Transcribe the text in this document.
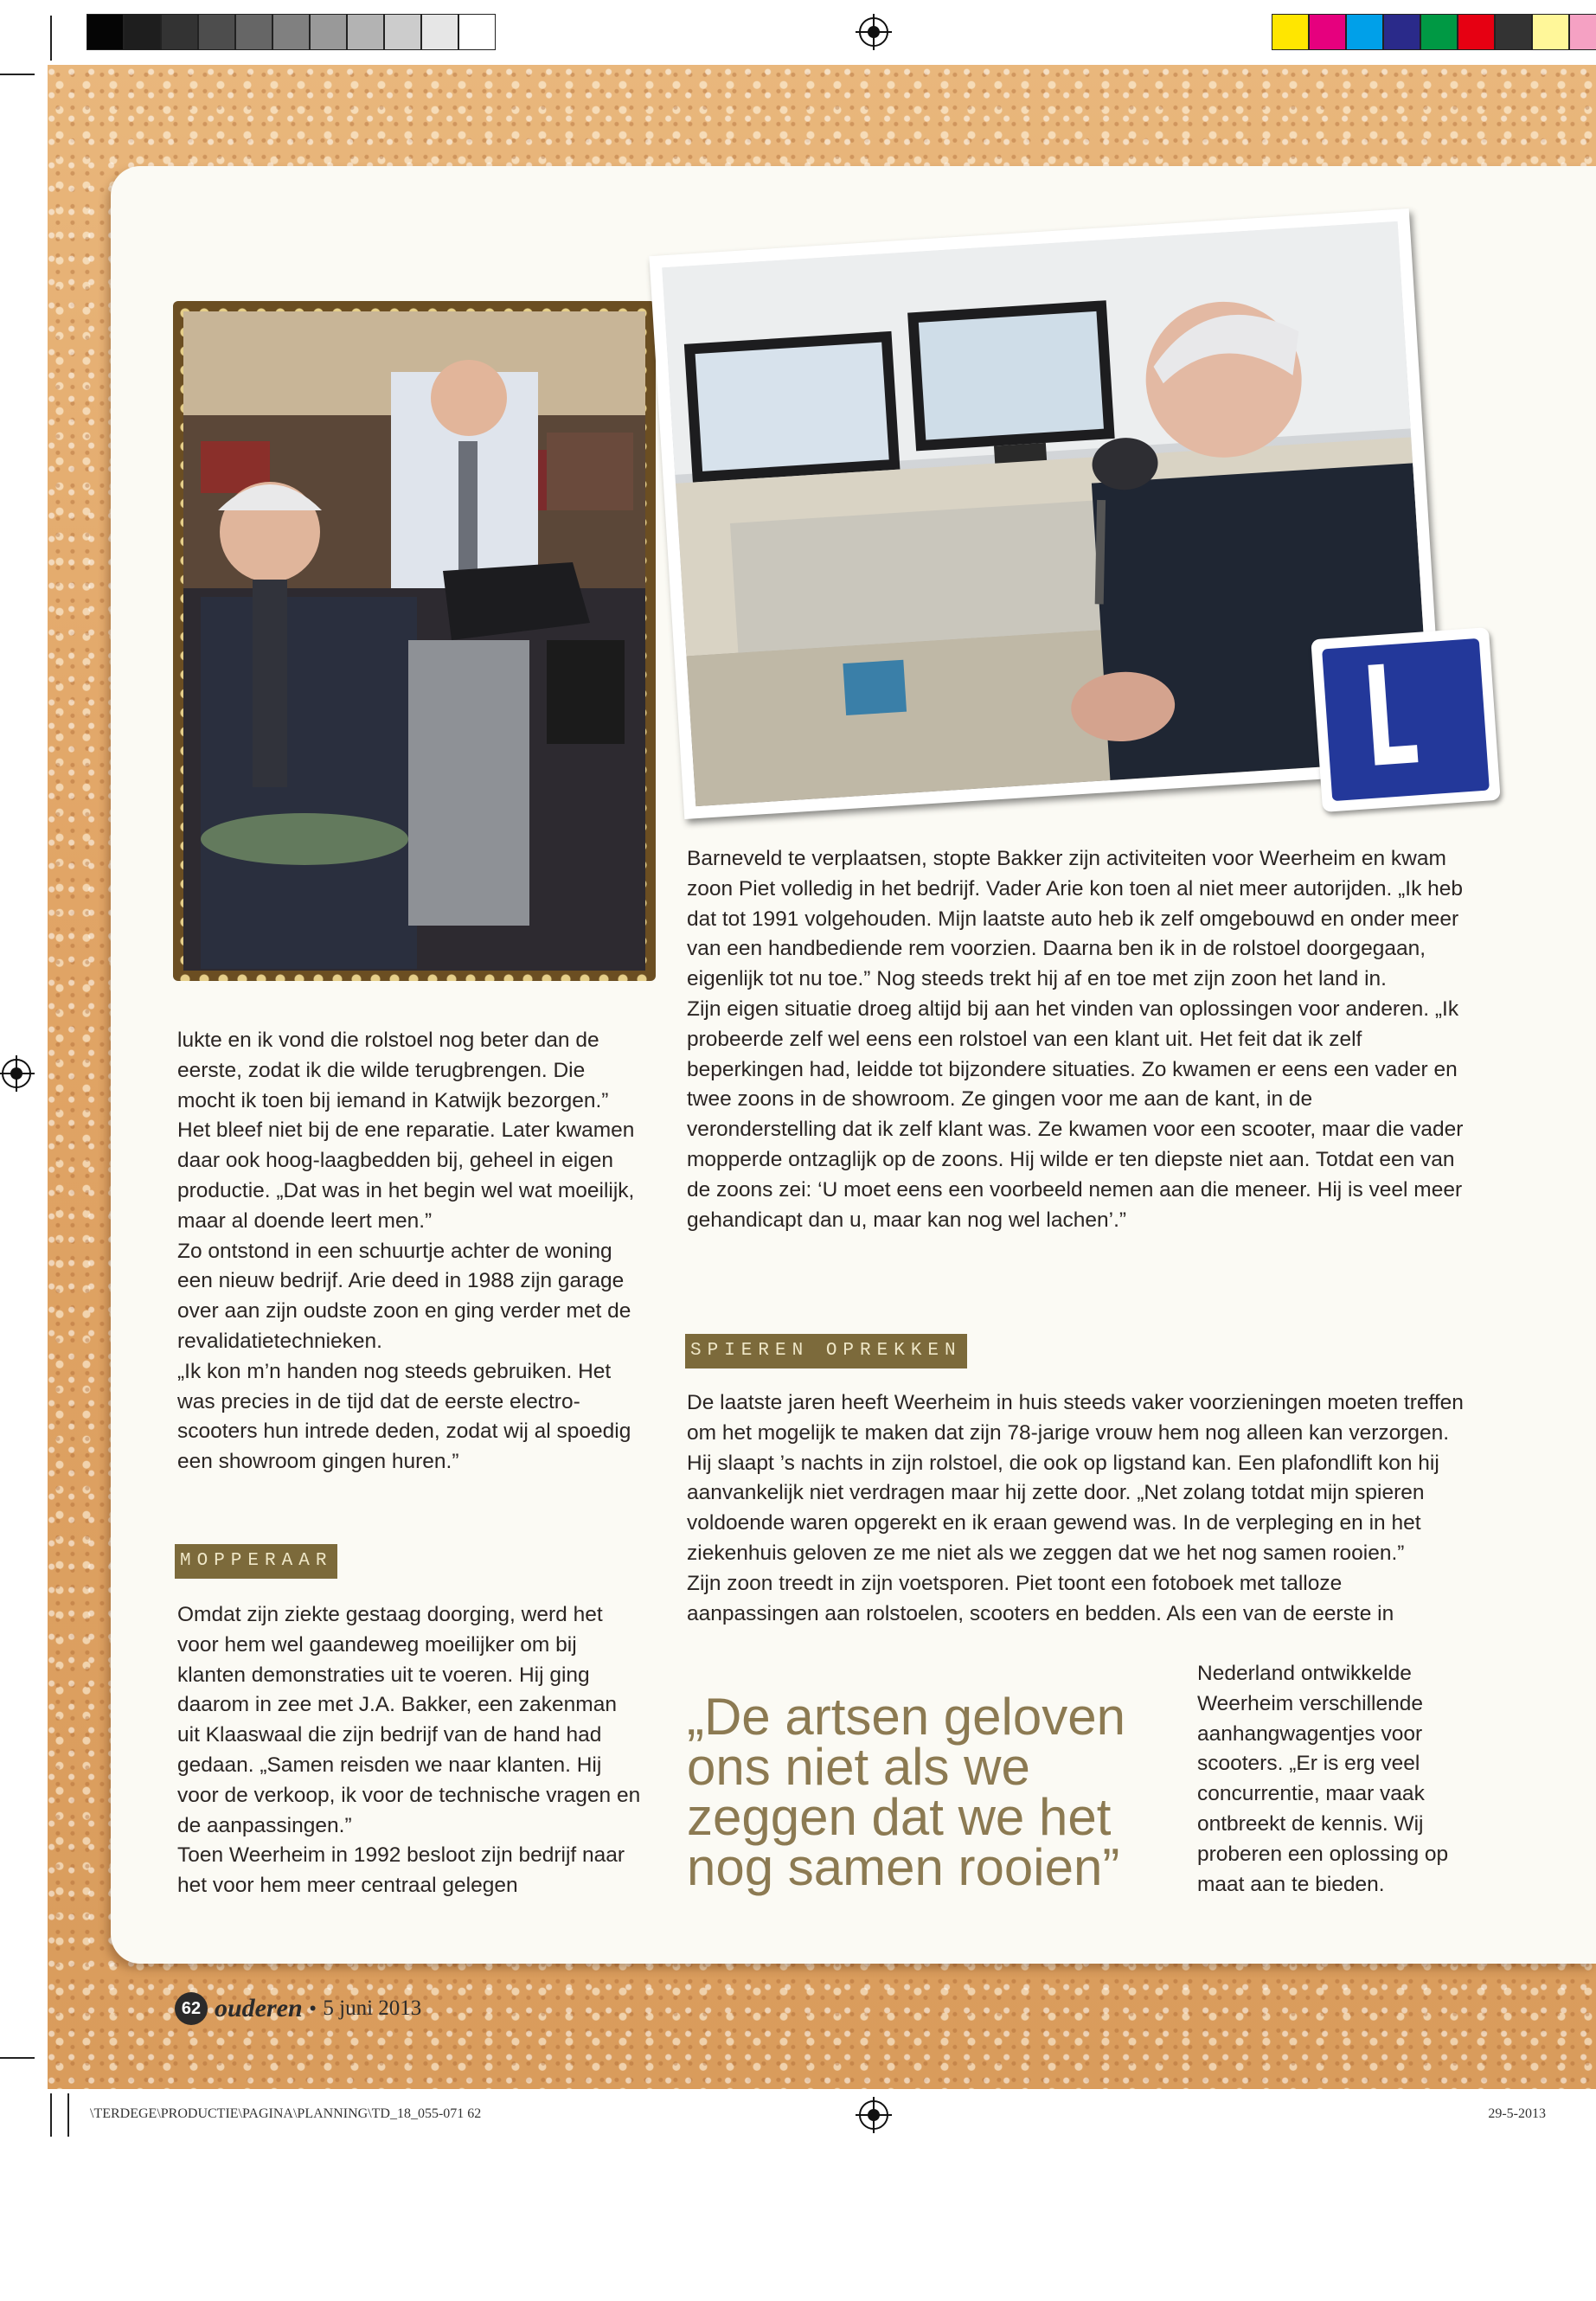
lukte en ik vond die rolstoel nog beter dan de eerste, zodat ik die wilde terugbrengen. Die mocht ik toen bij iemand in Katwijk bezorgen.”

Het bleef niet bij de ene reparatie. Later kwamen daar ook hoog-laagbedden bij, geheel in eigen productie. „Dat was in het begin wel wat moeilijk, maar al doende leert men.”

Zo ontstond in een schuurtje achter de woning een nieuw bedrijf. Arie deed in 1988 zijn garage over aan zijn oudste zoon en ging verder met de revalidatietechnieken.

„Ik kon m’n handen nog steeds gebruiken. Het was precies in de tijd dat de eerste electro-scooters hun intrede deden, zodat wij al spoedig een showroom gingen huren.”

MOPPERAAR

Omdat zijn ziekte gestaag doorging, werd het voor hem wel gaandeweg moeilijker om bij klanten demonstraties uit te voeren. Hij ging daarom in zee met J.A. Bakker, een zakenman uit Klaaswaal die zijn bedrijf van de hand had gedaan. „Samen reisden we naar klanten. Hij voor de verkoop, ik voor de technische vragen en de aanpassingen.”

Toen Weerheim in 1992 besloot zijn bedrijf naar het voor hem meer centraal gelegen

Barneveld te verplaatsen, stopte Bakker zijn activiteiten voor Weerheim en kwam zoon Piet volledig in het bedrijf. Vader Arie kon toen al niet meer autorijden. „Ik heb dat tot 1991 volgehouden. Mijn laatste auto heb ik zelf omgebouwd en onder meer van een handbediende rem voorzien. Daarna ben ik in de rolstoel doorgegaan, eigenlijk tot nu toe.” Nog steeds trekt hij af en toe met zijn zoon het land in.

Zijn eigen situatie droeg altijd bij aan het vinden van oplossingen voor anderen. „Ik probeerde zelf wel eens een rolstoel van een klant uit. Het feit dat ik zelf beperkingen had, leidde tot bijzondere situaties. Zo kwamen er eens een vader en twee zoons in de showroom. Ze gingen voor me aan de kant, in de veronderstelling dat ik zelf klant was. Ze kwamen voor een scooter, maar die vader mopperde ontzaglijk op de zoons. Hij wilde er ten diepste niet aan. Totdat een van de zoons zei: ‘U moet eens een voorbeeld nemen aan die meneer. Hij is veel meer gehandicapt dan u, maar kan nog wel lachen’.”

SPIEREN OPREKKEN

De laatste jaren heeft Weerheim in huis steeds vaker voorzieningen moeten treffen om het mogelijk te maken dat zijn 78-jarige vrouw hem nog alleen kan verzorgen. Hij slaapt ’s nachts in zijn rolstoel, die ook op ligstand kan. Een plafondlift kon hij aanvankelijk niet verdragen maar hij zette door. „Net zolang totdat mijn spieren voldoende waren opgerekt en ik eraan gewend was. In de verpleging en in het ziekenhuis geloven ze me niet als we zeggen dat we het nog samen rooien.”

Zijn zoon treedt in zijn voetsporen. Piet toont een fotoboek met talloze aanpassingen aan rolstoelen, scooters en bedden. Als een van de eerste in

Nederland ontwikkelde Weerheim verschillende aanhangwagentjes voor scooters. „Er is erg veel concurrentie, maar vaak ontbreekt de kennis. Wij proberen een oplossing op maat aan te bieden.

„De artsen geloven
ons niet als we
zeggen dat we het
nog samen rooien”
62 ouderen • 5 juni 2013
\TERDEGE\PRODUCTIE\PAGINA\PLANNING\TD_18_055-071 62	29-5-2013
